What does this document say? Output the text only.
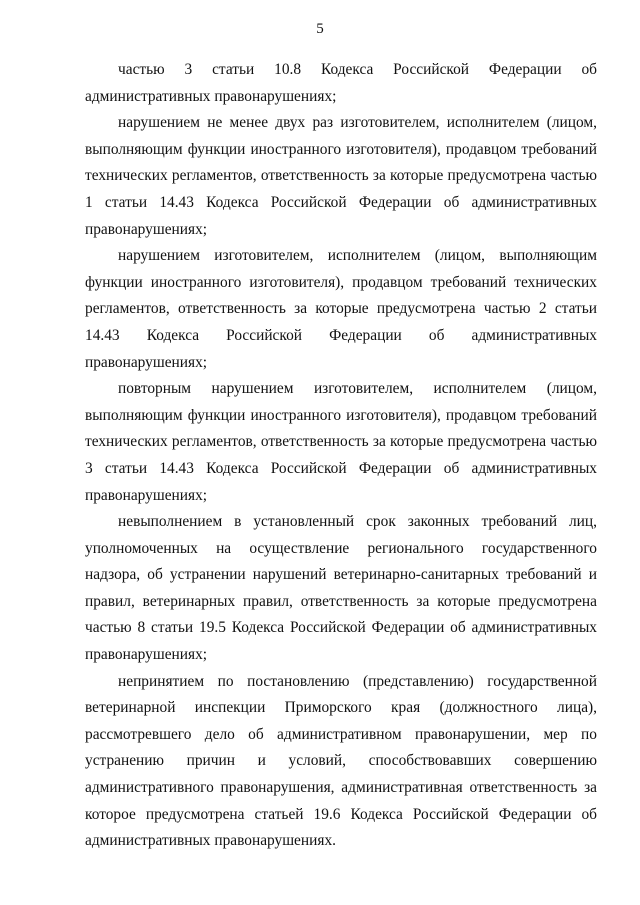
5

частью 3 статьи 10.8 Кодекса Российской Федерации об административных правонарушениях;

нарушением не менее двух раз изготовителем, исполнителем (лицом, выполняющим функции иностранного изготовителя), продавцом требований технических регламентов, ответственность за которые предусмотрена частью 1 статьи 14.43 Кодекса Российской Федерации об административных правонарушениях;

нарушением изготовителем, исполнителем (лицом, выполняющим функции иностранного изготовителя), продавцом требований технических регламентов, ответственность за которые предусмотрена частью 2 статьи 14.43 Кодекса Российской Федерации об административных правонарушениях;

повторным нарушением изготовителем, исполнителем (лицом, выполняющим функции иностранного изготовителя), продавцом требований технических регламентов, ответственность за которые предусмотрена частью 3 статьи 14.43 Кодекса Российской Федерации об административных правонарушениях;

невыполнением в установленный срок законных требований лиц, уполномоченных на осуществление регионального государственного надзора, об устранении нарушений ветеринарно-санитарных требований и правил, ветеринарных правил, ответственность за которые предусмотрена частью 8 статьи 19.5 Кодекса Российской Федерации об административных правонарушениях;

непринятием по постановлению (представлению) государственной ветеринарной инспекции Приморского края (должностного лица), рассмотревшего дело об административном правонарушении, мер по устранению причин и условий, способствовавших совершению административного правонарушения, административная ответственность за которое предусмотрена статьей 19.6 Кодекса Российской Федерации об административных правонарушениях.
